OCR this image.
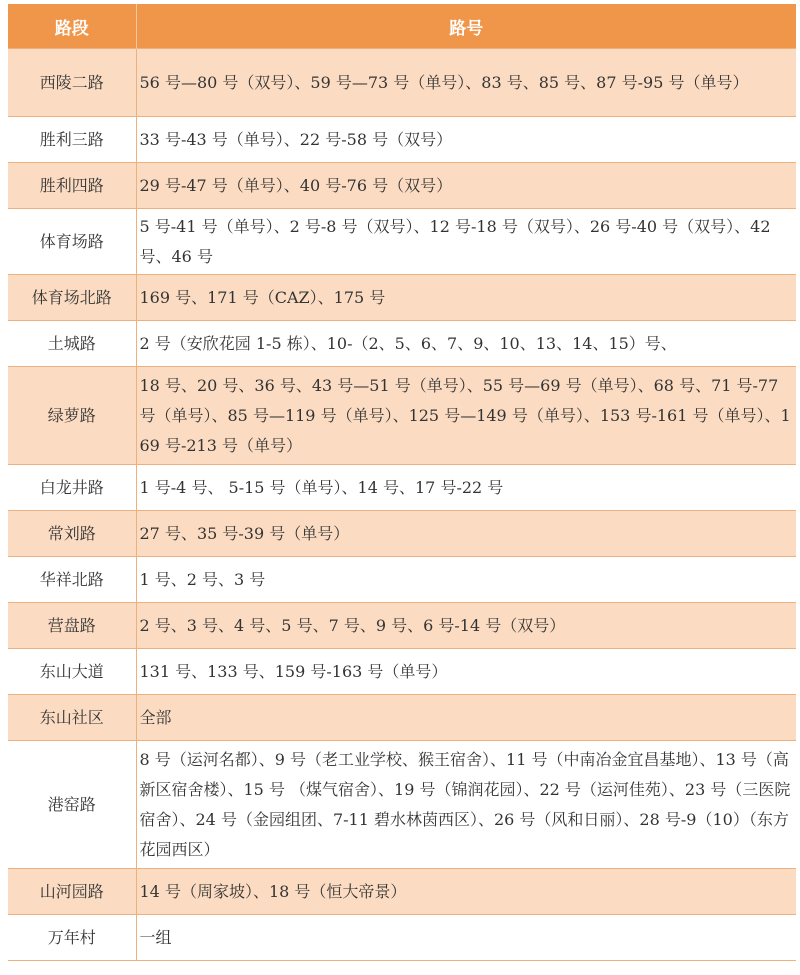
路段	路号
西陵二路	56 号—80 号（双号）、59 号—73 号（单号）、83 号、85 号、87 号-95 号（单号）
胜利三路	33 号-43 号（单号）、22 号-58 号（双号）
胜利四路	29 号-47 号（单号）、40 号-76 号（双号）
体育场路	5 号-41 号（单号）、2 号-8 号（双号）、12 号-18 号（双号）、26 号-40 号（双号）、42 号、46 号
体育场北路	169 号、171 号（CAZ）、175 号
土城路	2 号（安欣花园 1-5 栋）、10-（2、5、6、7、9、10、13、14、15）号、
绿萝路	18 号、20 号、36 号、43 号—51 号（单号）、55 号—69 号（单号）、68 号、71 号-77 号（单号）、85 号—119 号（单号）、125 号—149 号（单号）、153 号-161 号（单号）、169 号-213 号（单号）
白龙井路	1 号-4 号、 5-15 号（单号）、14 号、17 号-22 号
常刘路	27 号、35 号-39 号（单号）
华祥北路	1 号、2 号、3 号
营盘路	2 号、3 号、4 号、5 号、7 号、9 号、6 号-14 号（双号）
东山大道	131 号、133 号、159 号-163 号（单号）
东山社区	全部
港窑路	8 号（运河名都）、9 号（老工业学校、猴王宿舍）、11 号（中南冶金宜昌基地）、13 号（高新区宿舍楼）、15 号 （煤气宿舍）、19 号（锦润花园）、22 号（运河佳苑）、23 号（三医院宿舍）、24 号（金园组团、7-11 碧水林茵西区）、26 号（风和日丽）、28 号-9（10）（东方花园西区）
山河园路	14 号（周家坡）、18 号（恒大帝景）
万年村	一组
